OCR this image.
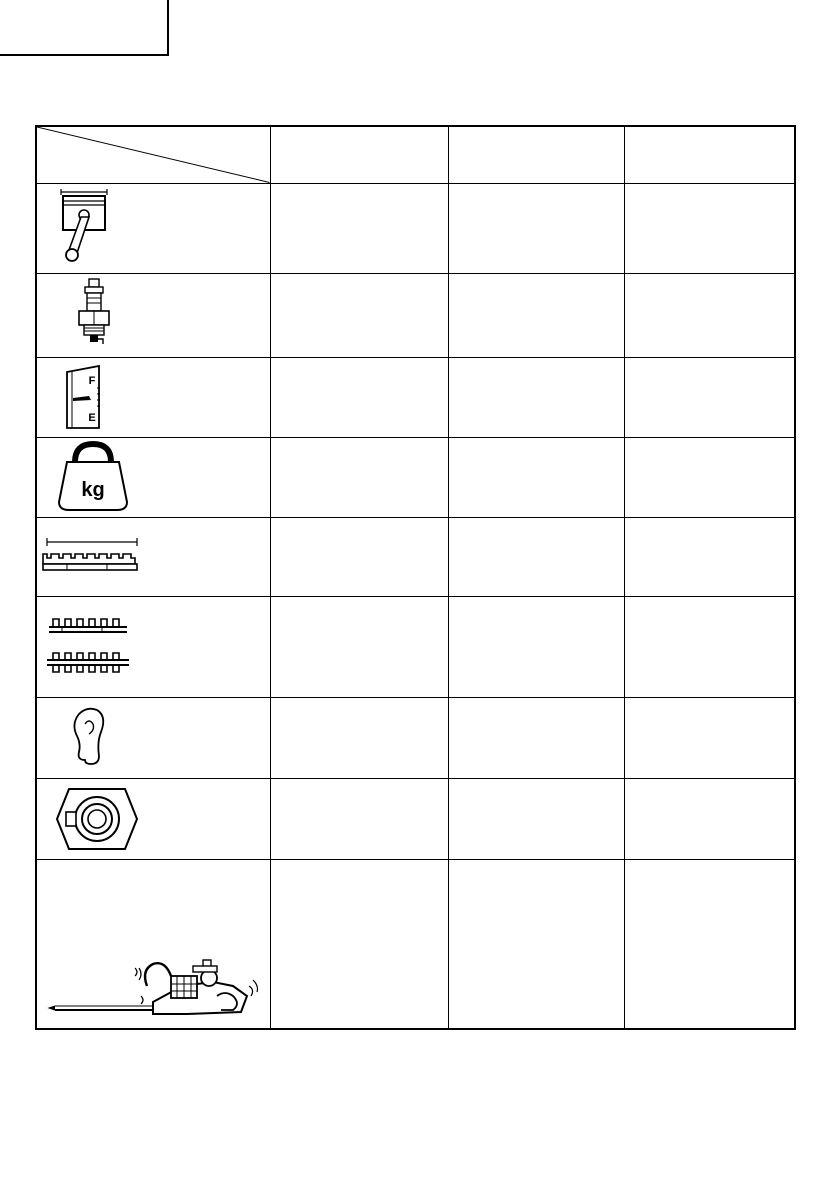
F
E			

kg			
